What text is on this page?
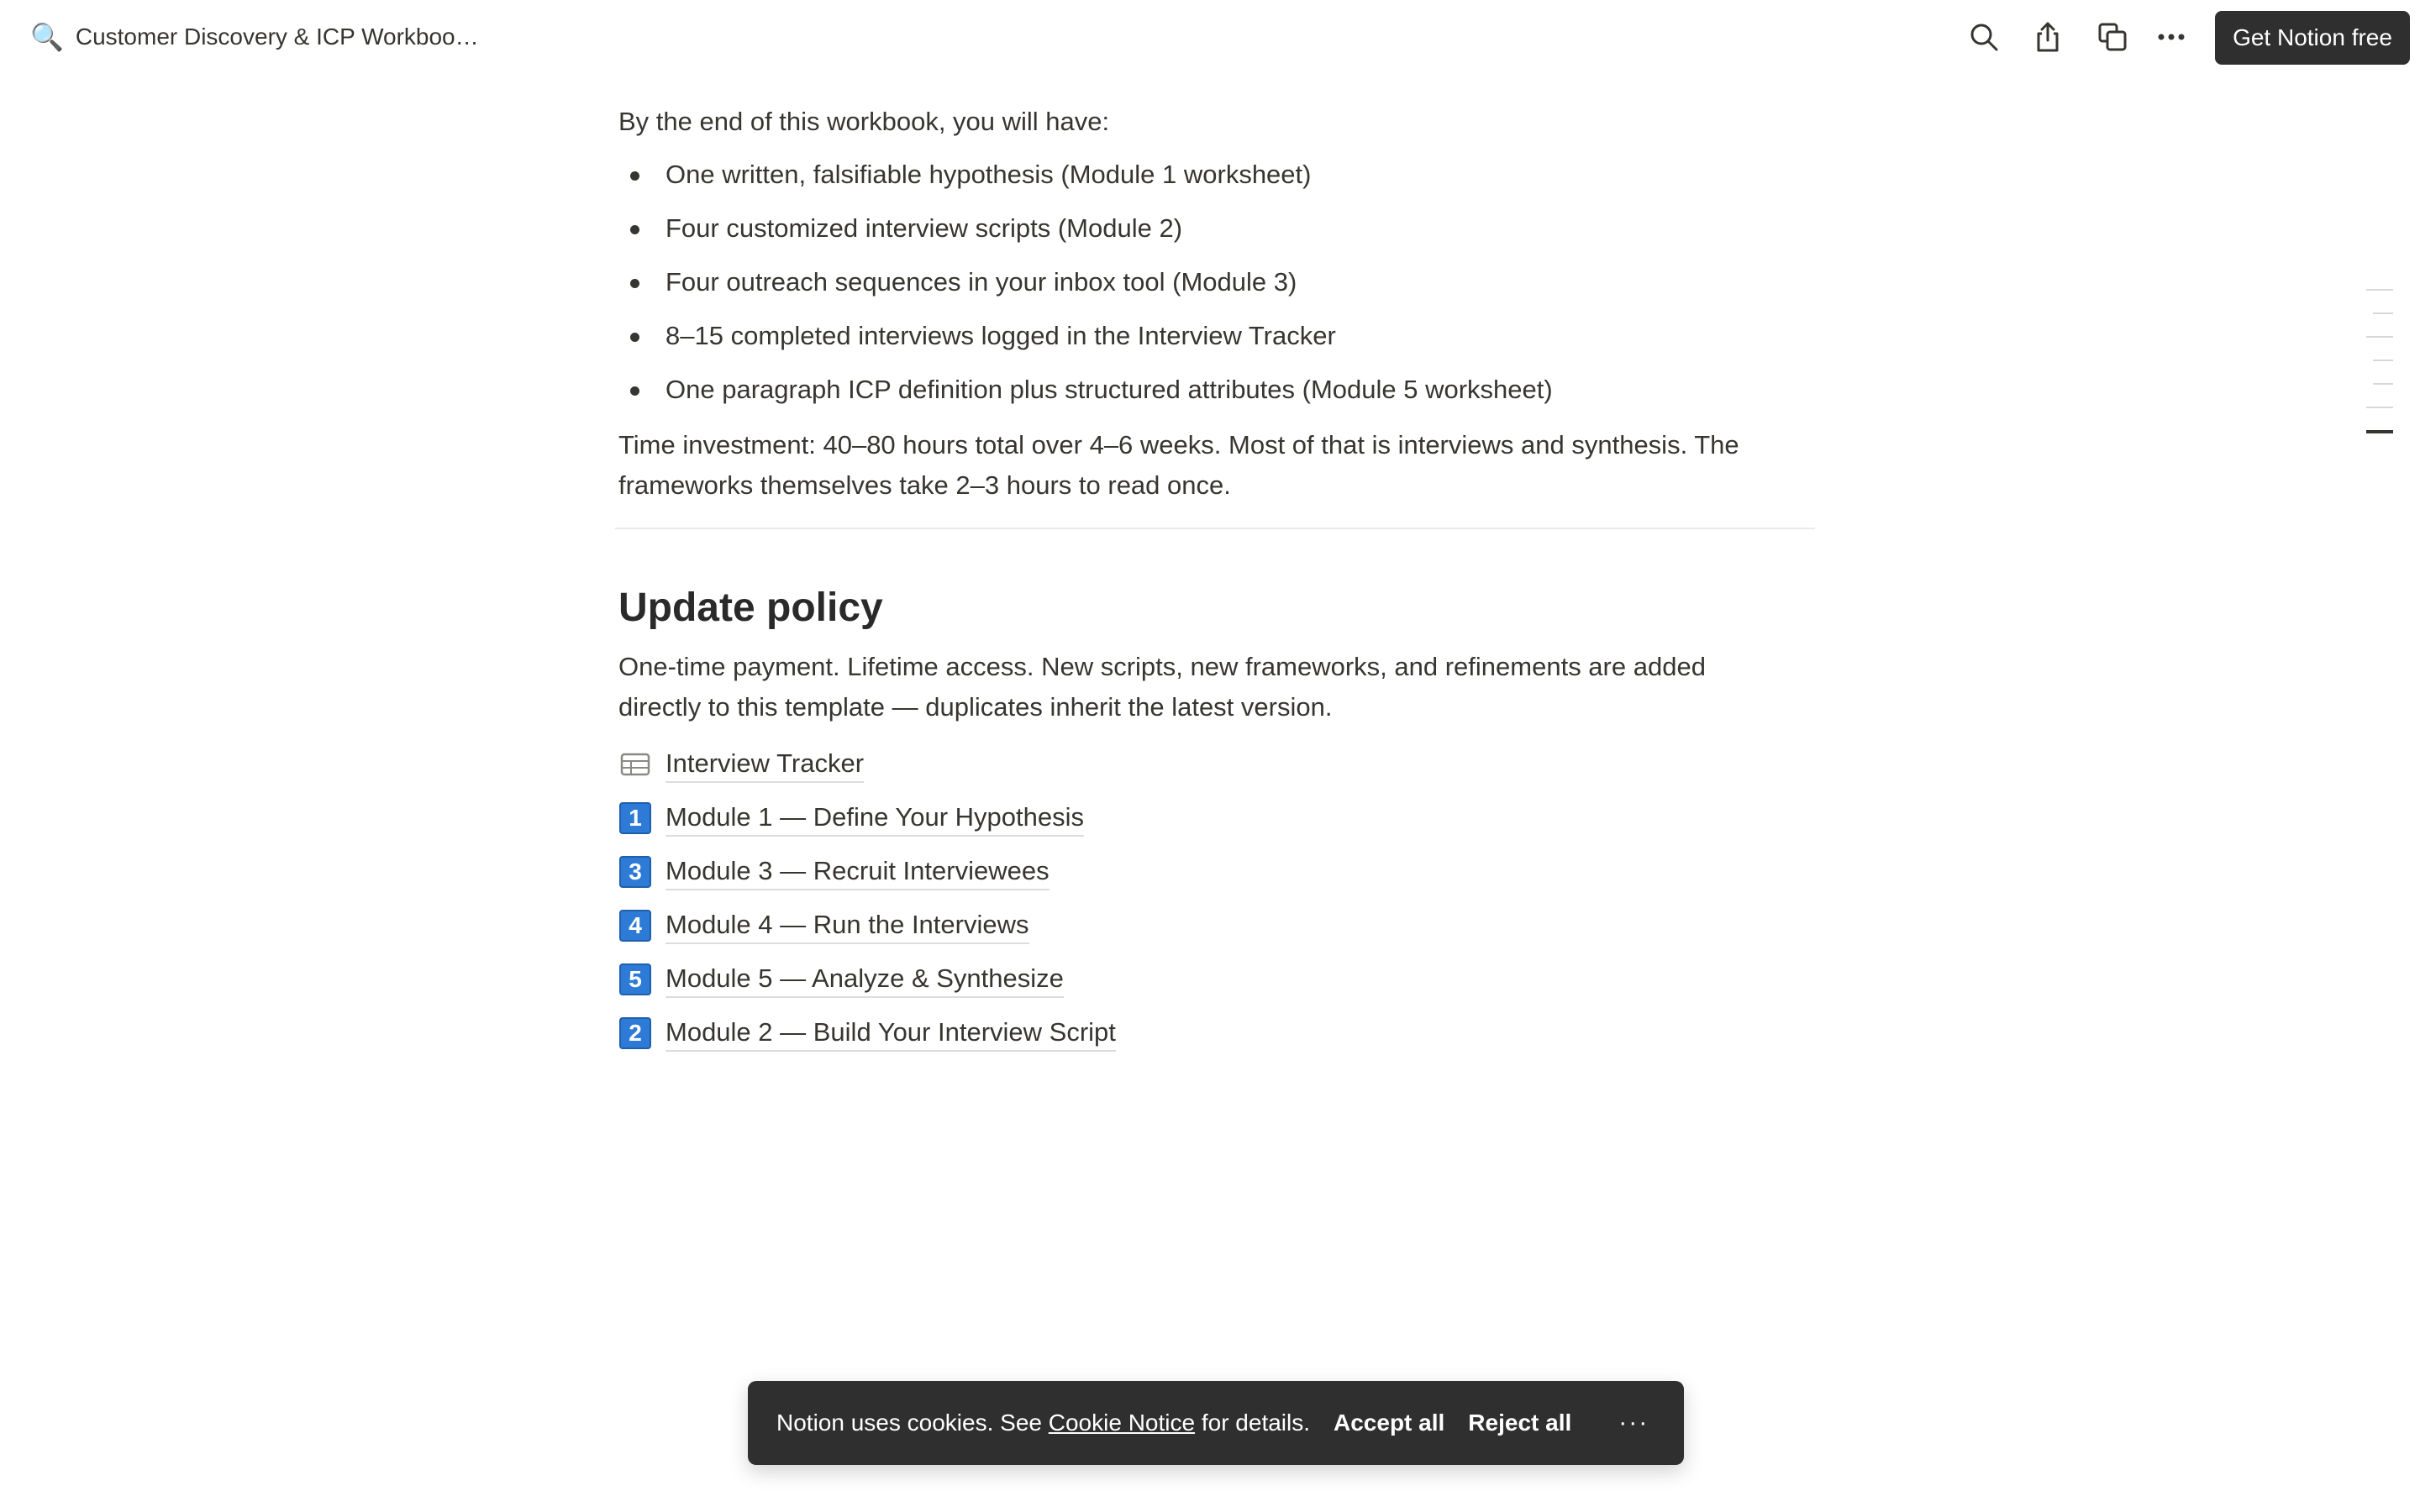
🔍 Customer Discovery & ICP Workboo…	Get Notion free
By the end of this workbook, you will have:
One written, falsifiable hypothesis (Module 1 worksheet)
Four customized interview scripts (Module 2)
Four outreach sequences in your inbox tool (Module 3)
8–15 completed interviews logged in the Interview Tracker
One paragraph ICP definition plus structured attributes (Module 5 worksheet)
Time investment: 40–80 hours total over 4–6 weeks. Most of that is interviews and synthesis. The
frameworks themselves take 2–3 hours to read once.
Update policy
One-time payment. Lifetime access. New scripts, new frameworks, and refinements are added
directly to this template — duplicates inherit the latest version.
Interview Tracker
1 Module 1 — Define Your Hypothesis
3 Module 3 — Recruit Interviewees
4 Module 4 — Run the Interviews
5 Module 5 — Analyze & Synthesize
2 Module 2 — Build Your Interview Script
Notion uses cookies. See Cookie Notice for details. Accept all Reject all ···
